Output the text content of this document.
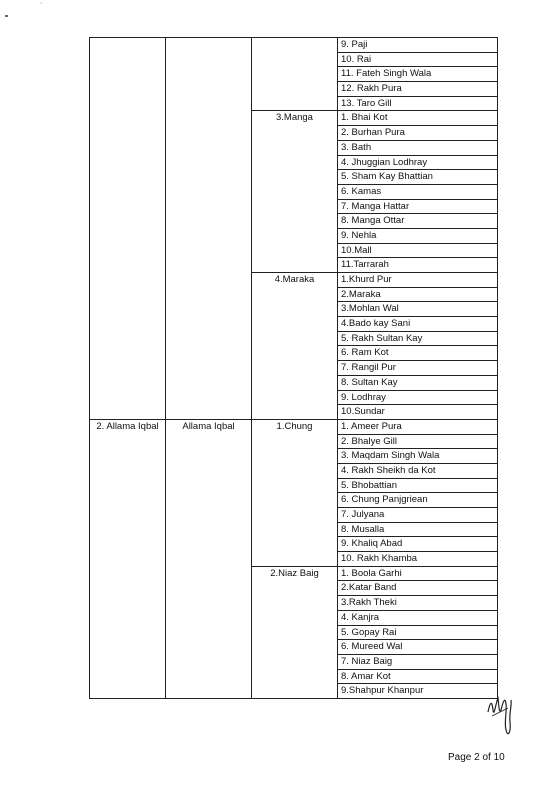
°
			9. Paji
			10. Rai
			11. Fateh Singh Wala
			12. Rakh Pura
			13. Taro Gill
		3.Manga	1. Bhai Kot
			2. Burhan Pura
			3. Bath
			4. Jhuggian Lodhray
			5. Sham Kay Bhattian
			6. Kamas
			7. Manga Hattar
			8. Manga Ottar
			9. Nehla
			10.Mall
			11.Tarrarah
		4.Maraka	1.Khurd Pur
			2.Maraka
			3.Mohlan Wal
			4.Bado kay Sani
			5. Rakh Sultan Kay
			6. Ram Kot
			7. Rangil Pur
			8. Sultan Kay
			9. Lodhray
			10.Sundar
2. Allama Iqbal	Allama Iqbal	1.Chung	1. Ameer Pura
			2. Bhalye Gill
			3. Maqdam Singh Wala
			4. Rakh Sheikh da Kot
			5. Bhobattian
			6. Chung Panjgriean
			7. Julyana
			8. Musalla
			9. Khaliq Abad
			10. Rakh Khamba
		2.Niaz Baig	1. Boola Garhi
			2.Katar Band
			3.Rakh Theki
			4. Kanjra
			5. Gopay Rai
			6. Mureed Wal
			7. Niaz Baig
			8. Amar Kot
			9.Shahpur Khanpur
Page 2 of 10
